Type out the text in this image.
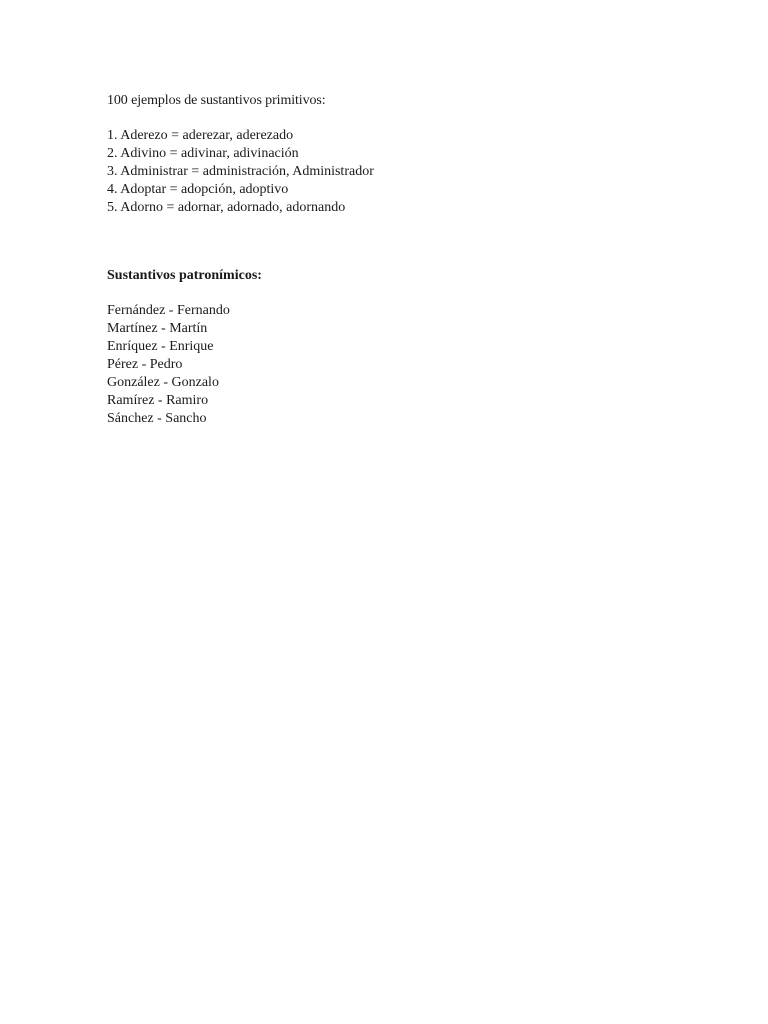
100 ejemplos de sustantivos primitivos:
1. Aderezo = aderezar, aderezado
2. Adivino = adivinar, adivinación
3. Administrar = administración, Administrador
4. Adoptar = adopción, adoptivo
5. Adorno = adornar, adornado, adornando
Sustantivos patronímicos:
Fernández - Fernando
Martínez - Martín
Enríquez - Enrique
Pérez - Pedro
González - Gonzalo
Ramírez - Ramiro
Sánchez - Sancho
